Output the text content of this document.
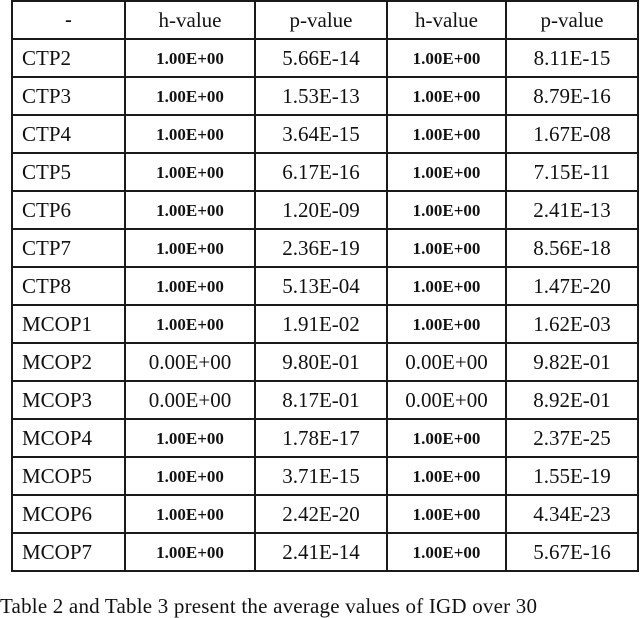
-	h-value	p-value	h-value	p-value
CTP2	1.00E+00	5.66E-14	1.00E+00	8.11E-15
CTP3	1.00E+00	1.53E-13	1.00E+00	8.79E-16
CTP4	1.00E+00	3.64E-15	1.00E+00	1.67E-08
CTP5	1.00E+00	6.17E-16	1.00E+00	7.15E-11
CTP6	1.00E+00	1.20E-09	1.00E+00	2.41E-13
CTP7	1.00E+00	2.36E-19	1.00E+00	8.56E-18
CTP8	1.00E+00	5.13E-04	1.00E+00	1.47E-20
MCOP1	1.00E+00	1.91E-02	1.00E+00	1.62E-03
MCOP2	0.00E+00	9.80E-01	0.00E+00	9.82E-01
MCOP3	0.00E+00	8.17E-01	0.00E+00	8.92E-01
MCOP4	1.00E+00	1.78E-17	1.00E+00	2.37E-25
MCOP5	1.00E+00	3.71E-15	1.00E+00	1.55E-19
MCOP6	1.00E+00	2.42E-20	1.00E+00	4.34E-23
MCOP7	1.00E+00	2.41E-14	1.00E+00	5.67E-16
Table 2 and Table 3 present the average values of IGD over 30
